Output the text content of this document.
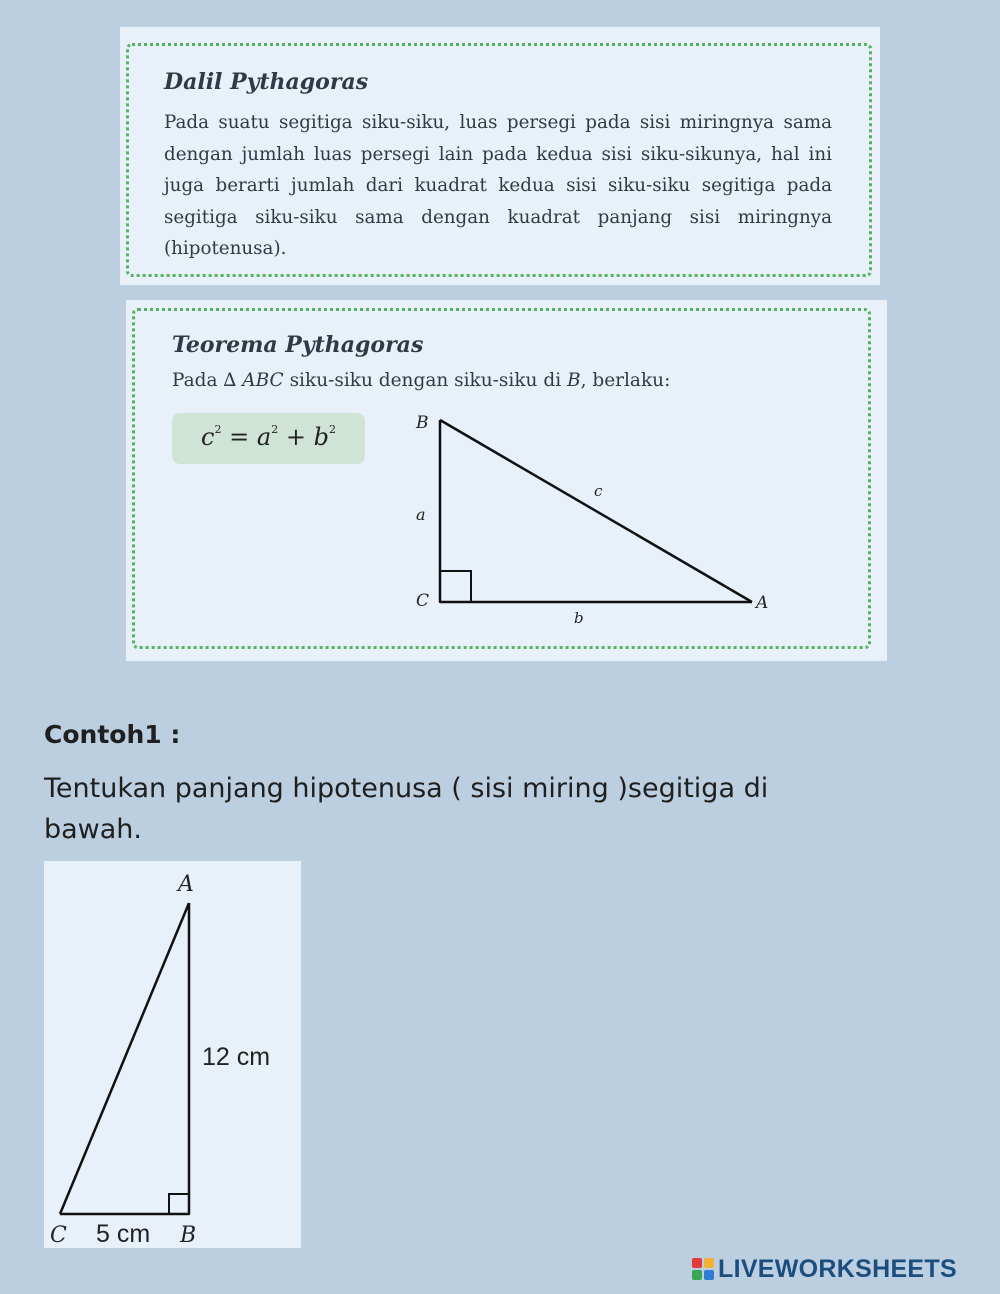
Dalil Pythagoras
Pada suatu segitiga siku-siku, luas persegi pada sisi miringnya sama dengan jumlah luas persegi lain pada kedua sisi siku-sikunya, hal ini juga berarti jumlah dari kuadrat kedua sisi siku-siku segitiga pada segitiga siku-siku sama dengan kuadrat panjang sisi miringnya (hipotenusa).
Teorema Pythagoras
Pada ∆ ABC siku-siku dengan siku-siku di B, berlaku:
$c^2 = a^2 + b^2$	B
C	A
a
b
c
Contoh1 :
Tentukan panjang hipotenusa ( sisi miring )segitiga di bawah.
A
C	B
12 cm
5 cm
LIVEWORKSHEETS
